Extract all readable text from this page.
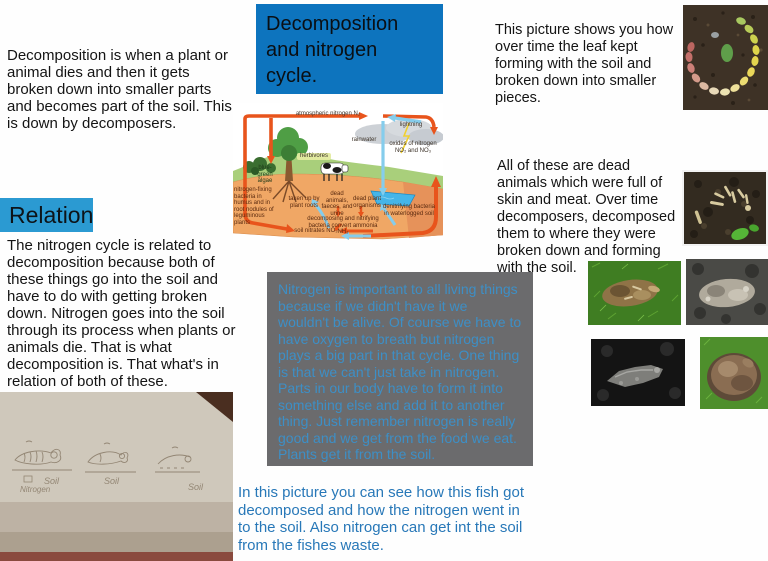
Decomposition is when a plant or animal dies and then it gets broken down into smaller parts and becomes part of the soil. This is down by decomposers.
Relation
The nitrogen cycle is related to decomposition because both of these things go into the soil and have to do with getting broken down. Nitrogen goes into the soil through its process when plants or animals die. That is what decomposition is. That what's in relation of both of these.
Decomposition and nitrogen cycle.
atmospheric nitrogen N₂
lightning
rainwater
oxides of nitrogen NO₂ and NO₃
herbivores
blue-green algae
nitrogen-fixing bacteria in humus and in root nodules of leguminous plants
taken up by plant roots
dead animals, faeces, and urine
dead plant organisms denitrifying bacteria in waterlogged soil
decomposing and nitrifying bacteria convert ammonia NH₃
soil nitrates NO₃
Nitrogen is important to all living things because if we didn't have it we wouldn't be alive. Of course we have to have oxygen to breath but nitrogen plays a big part in that cycle. One thing is that we can't just take in nitrogen. Parts in our body have to form it into something else and add it to another thing. Just remember nitrogen is really good and we get from the food we eat. Plants get it from the soil.
This picture shows you how over time the leaf kept forming with the soil and broken down into smaller pieces.
All of these are dead animals which were full of skin and meat. Over time decomposers, decomposed them to where they were broken down and forming with the soil.
In this picture you can see how this fish got decomposed and how the nitrogen went in to the soil. Also nitrogen can get int the soil from the fishes waste.
Soil	Soil
Soil
Nitrogen
